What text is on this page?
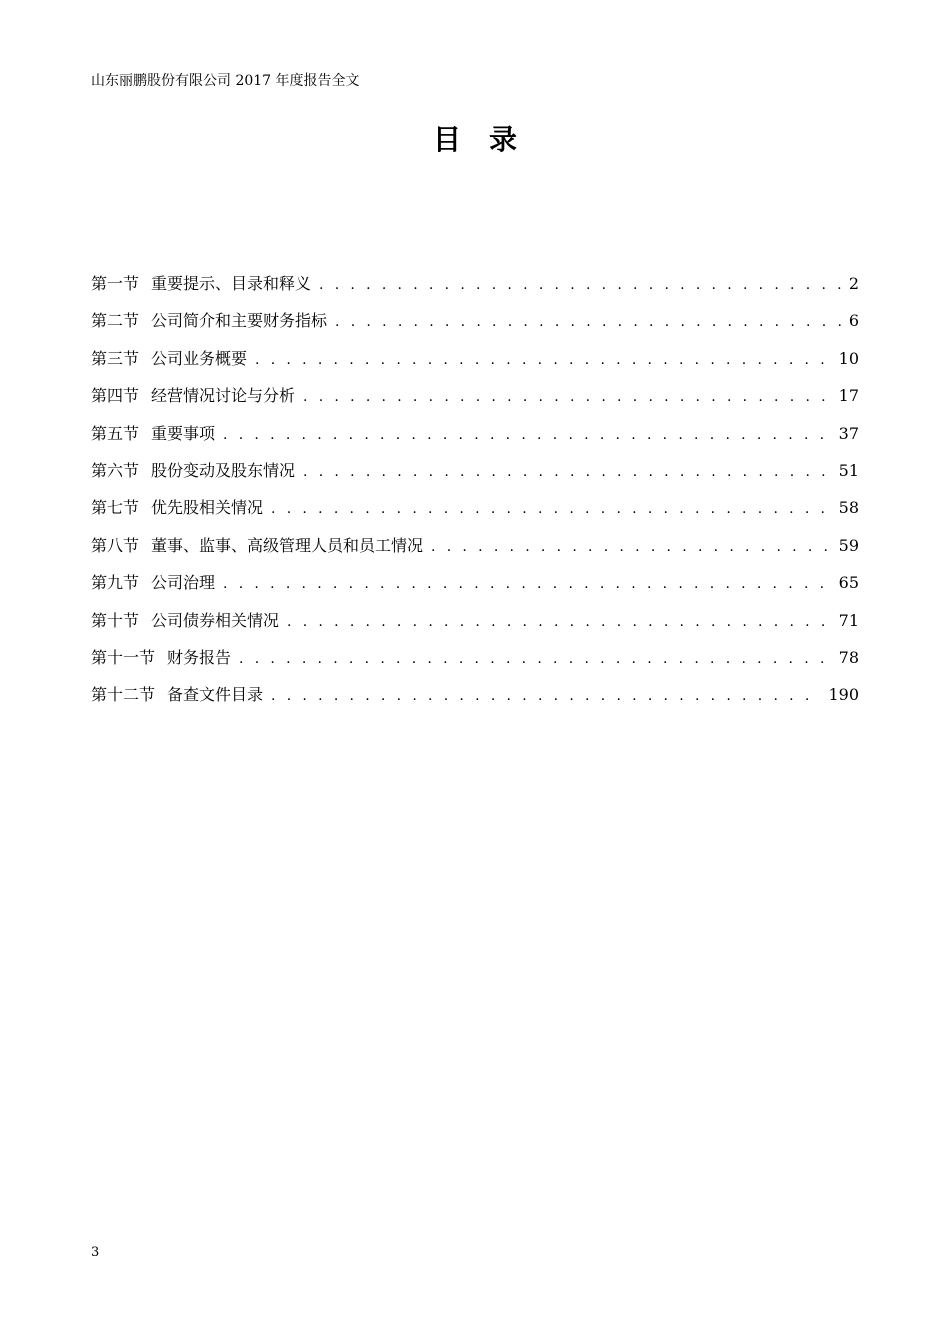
山东丽鹏股份有限公司 2017 年度报告全文
目录
第一节 重要提示、目录和释义 . . .	2
第二节 公司简介和主要财务指标 . . .	6
第三节 公司业务概要 . . .	10
第四节 经营情况讨论与分析 . . .	17
第五节 重要事项 . . .	37
第六节 股份变动及股东情况 . . .	51
第七节 优先股相关情况 . . .	58
第八节 董事、监事、高级管理人员和员工情况 . . .	59
第九节 公司治理 . . .	65
第十节 公司债券相关情况 . . .	71
第十一节 财务报告 . . .	78
第十二节 备查文件目录 . . .	190
3
